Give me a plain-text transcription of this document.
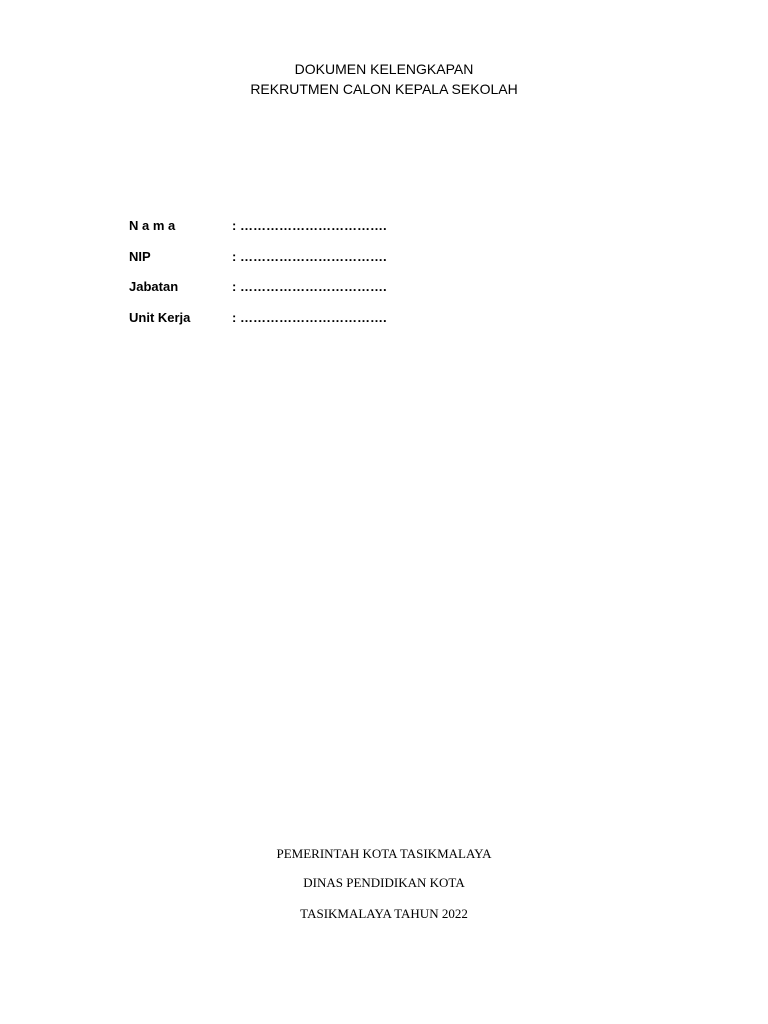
DOKUMEN KELENGKAPAN
REKRUTMEN CALON KEPALA SEKOLAH
N a m a	: …………………………….
NIP	: …………………………….
Jabatan	: …………………………….
Unit Kerja	: …………………………….
PEMERINTAH KOTA TASIKMALAYA
DINAS PENDIDIKAN KOTA
TASIKMALAYA TAHUN 2022
